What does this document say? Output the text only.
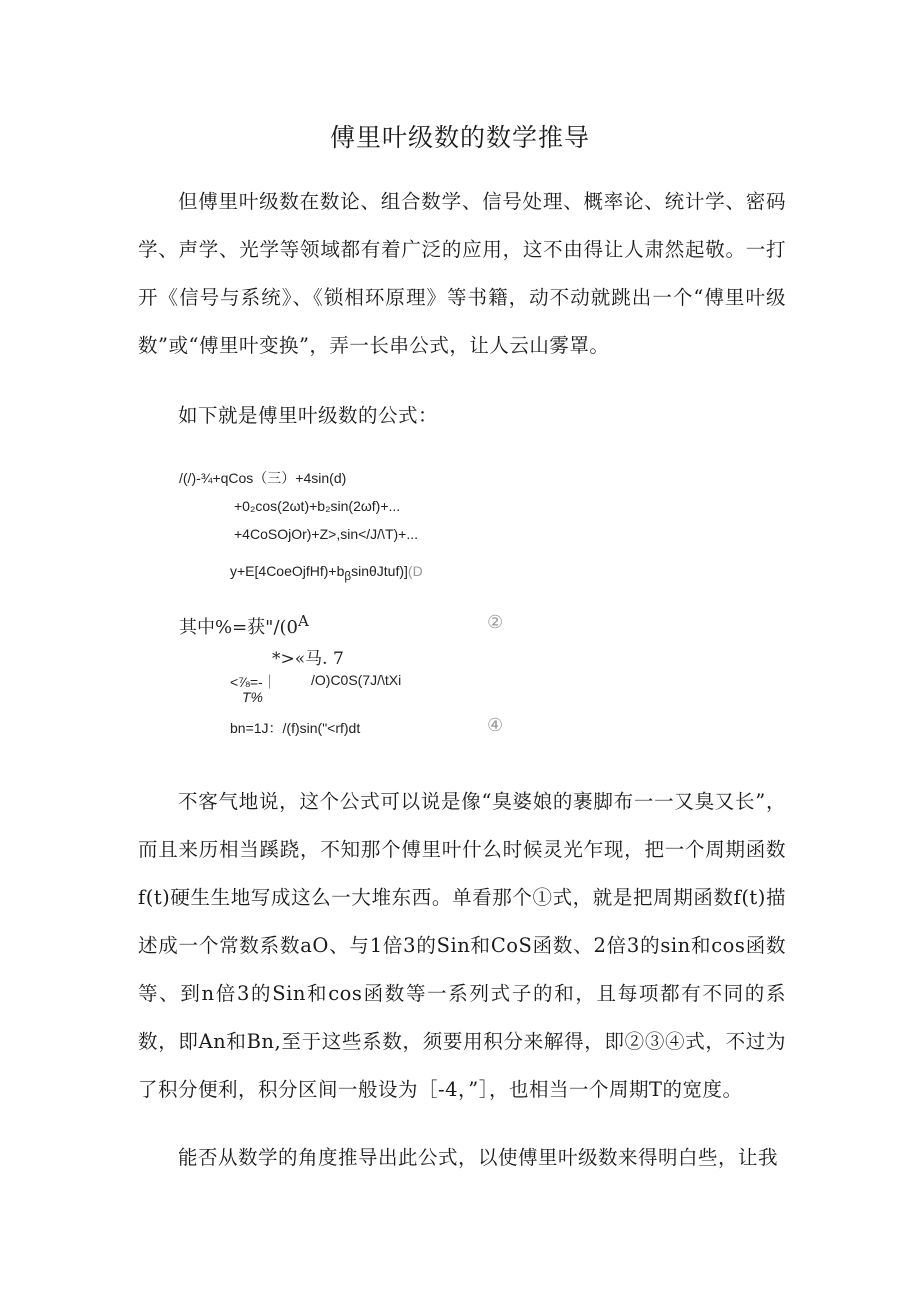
傅里叶级数的数学推导

但傅里叶级数在数论、组合数学、信号处理、概率论、统计学、密码学、声学、光学等领域都有着广泛的应用，这不由得让人肃然起敬。一打开《信号与系统》、《锁相环原理》等书籍，动不动就跳出一个“傅里叶级数”或“傅里叶变换”，弄一长串公式，让人云山雾罩。

如下就是傅里叶级数的公式：

/(/)-¾+qCos（三）+4sin(d)
+0₂cos(2ωt)+b₂sin(2ωf)+...
+4CoSOjOr)+Z>,sin</J/\T)+...
$y+E[4CoeOjfHf)+b_\beta\sin\theta Jtuf)](D$
其中%=获"$/(0^A$	②
*>«马. 7
<⅞=-｜ /O)C0S(7J/\tXi
T%
bn=1J：/(f)sin("<rf)dt	④

不客气地说，这个公式可以说是像“臭婆娘的裹脚布一一又臭又长”，而且来历相当蹊跷，不知那个傅里叶什么时候灵光乍现，把一个周期函数f(t)硬生生地写成这么一大堆东西。单看那个①式，就是把周期函数f(t)描述成一个常数系数aO、与1倍3的Sin和CoS函数、2倍3的sin和cos函数等、到n倍3的Sin和cos函数等一系列式子的和，且每项都有不同的系数，即An和Bn,至于这些系数，须要用积分来解得，即②③④式，不过为了积分便利，积分区间一般设为［-4，”］，也相当一个周期T的宽度。

能否从数学的角度推导出此公式，以使傅里叶级数来得明白些，让我
